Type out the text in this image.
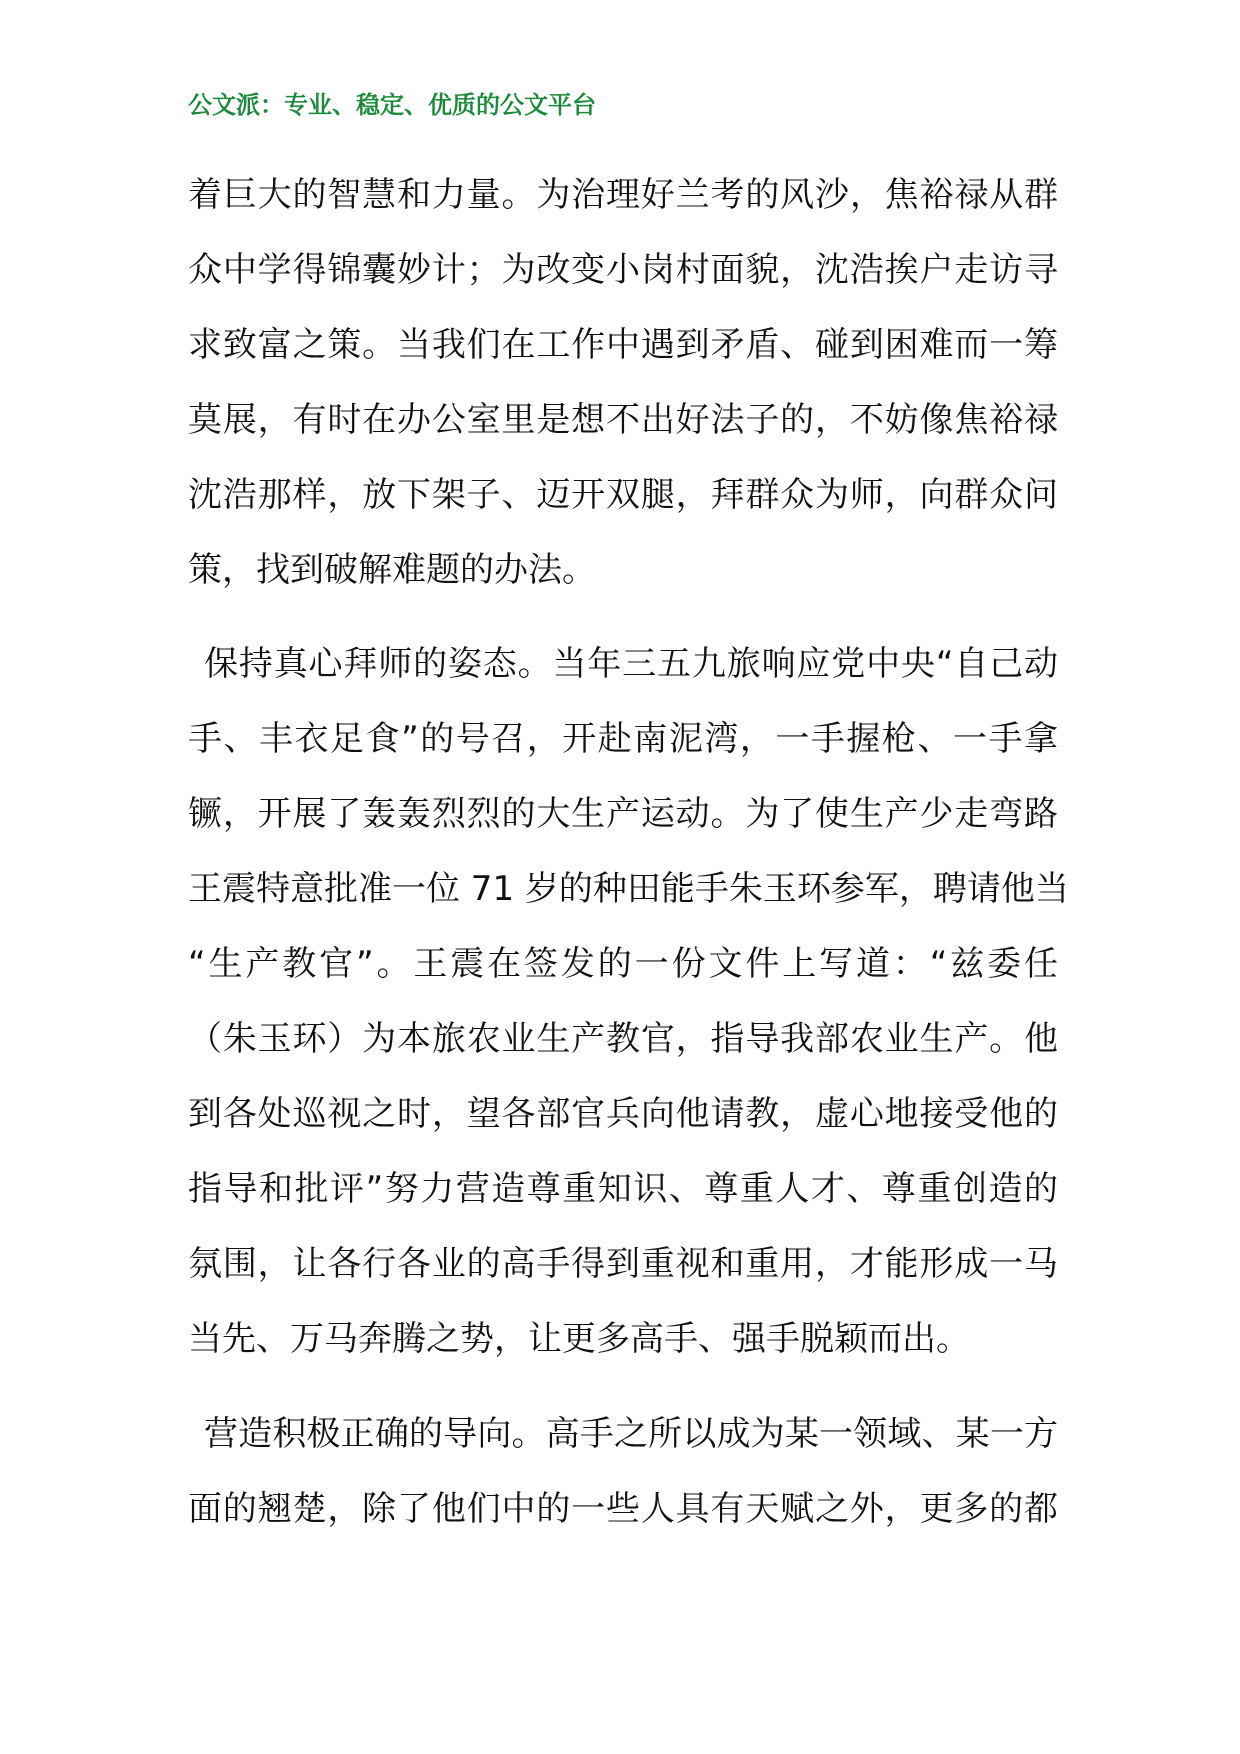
公文派：专业、稳定、优质的公文平台
着巨大的智慧和力量。为治理好兰考的风沙，焦裕禄从群
众中学得锦囊妙计；为改变小岗村面貌，沈浩挨户走访寻
求致富之策。当我们在工作中遇到矛盾、碰到困难而一筹
莫展，有时在办公室里是想不出好法子的，不妨像焦裕禄
沈浩那样，放下架子、迈开双腿，拜群众为师，向群众问
策，找到破解难题的办法。
保持真心拜师的姿态。当年三五九旅响应党中央“自己动
手、丰衣足食”的号召，开赴南泥湾，一手握枪、一手拿
镢，开展了轰轰烈烈的大生产运动。为了使生产少走弯路
王震特意批准一位 71 岁的种田能手朱玉环参军，聘请他当
“生产教官”。王震在签发的一份文件上写道：“兹委任
（朱玉环）为本旅农业生产教官，指导我部农业生产。他
到各处巡视之时，望各部官兵向他请教，虚心地接受他的
指导和批评”努力营造尊重知识、尊重人才、尊重创造的
氛围，让各行各业的高手得到重视和重用，才能形成一马
当先、万马奔腾之势，让更多高手、强手脱颖而出。
营造积极正确的导向。高手之所以成为某一领域、某一方
面的翘楚，除了他们中的一些人具有天赋之外，更多的都
